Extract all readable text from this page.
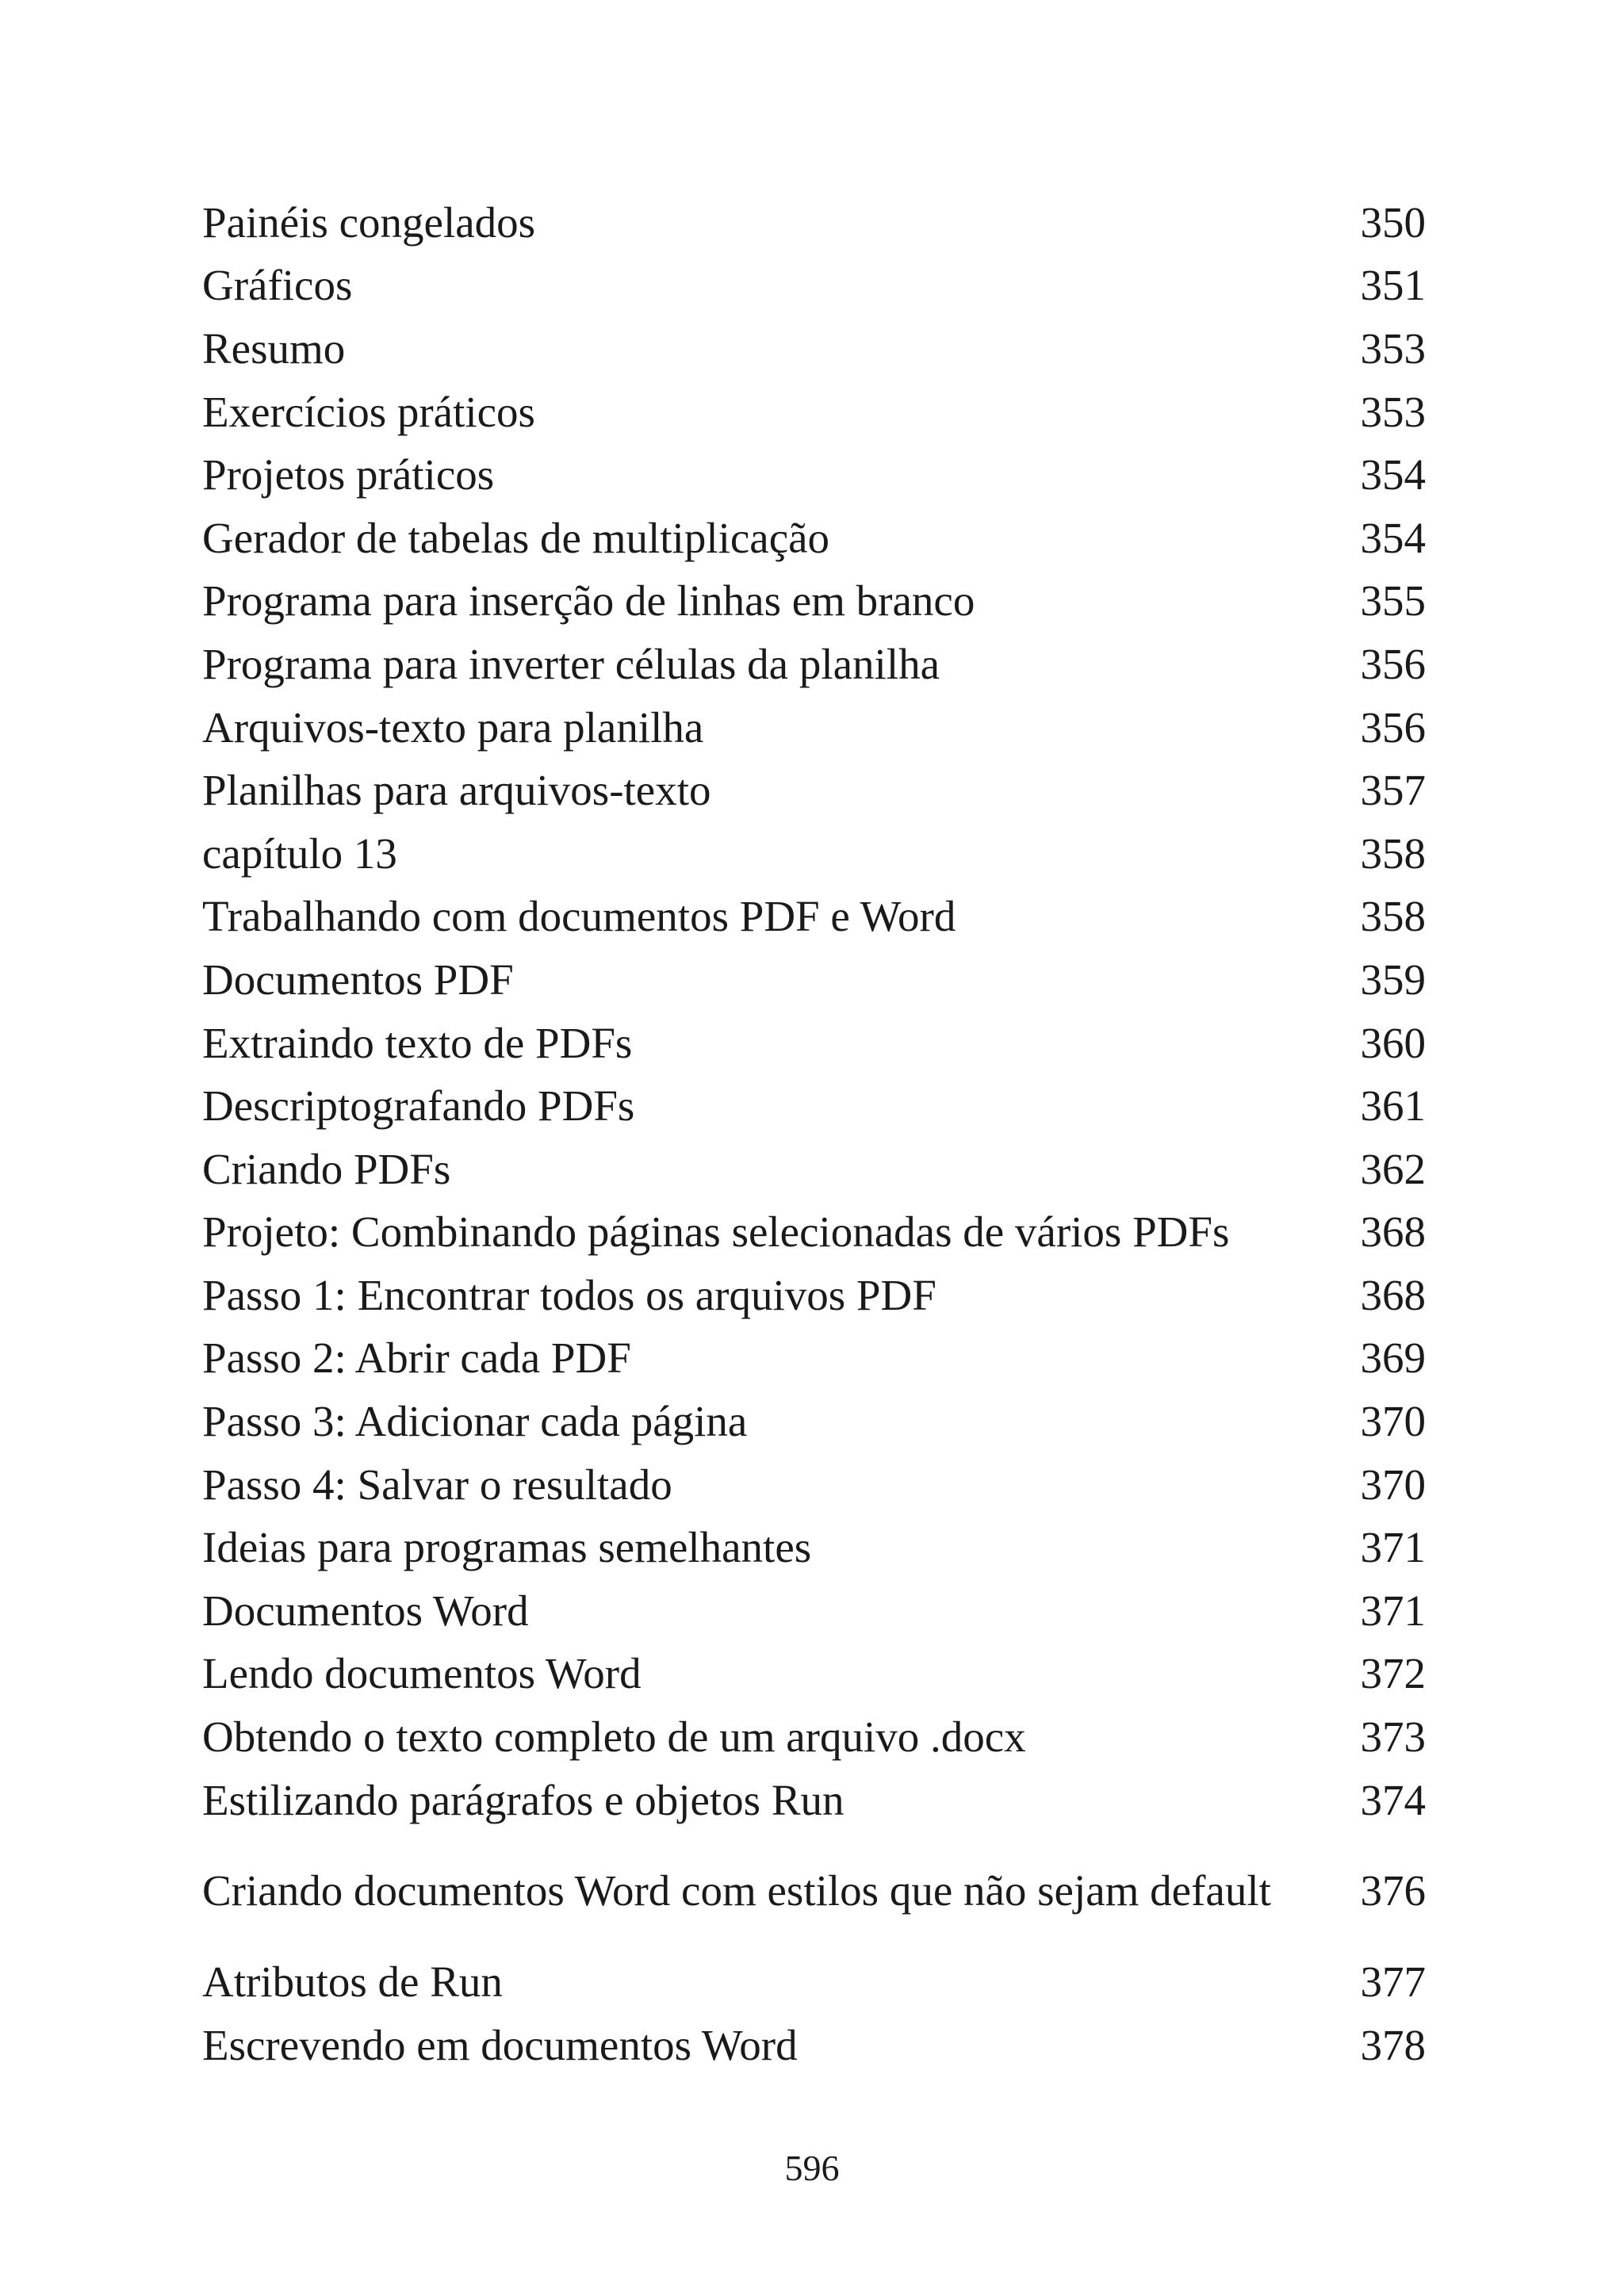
Painéis congelados	350
Gráficos	351
Resumo	353
Exercícios práticos	353
Projetos práticos	354
Gerador de tabelas de multiplicação	354
Programa para inserção de linhas em branco	355
Programa para inverter células da planilha	356
Arquivos-texto para planilha	356
Planilhas para arquivos-texto	357
capítulo 13	358
Trabalhando com documentos PDF e Word	358
Documentos PDF	359
Extraindo texto de PDFs	360
Descriptografando PDFs	361
Criando PDFs	362
Projeto: Combinando páginas selecionadas de vários PDFs	368
Passo 1: Encontrar todos os arquivos PDF	368
Passo 2: Abrir cada PDF	369
Passo 3: Adicionar cada página	370
Passo 4: Salvar o resultado	370
Ideias para programas semelhantes	371
Documentos Word	371
Lendo documentos Word	372
Obtendo o texto completo de um arquivo .docx	373
Estilizando parágrafos e objetos Run	374
Criando documentos Word com estilos que não sejam default	376
Atributos de Run	377
Escrevendo em documentos Word	378
596
